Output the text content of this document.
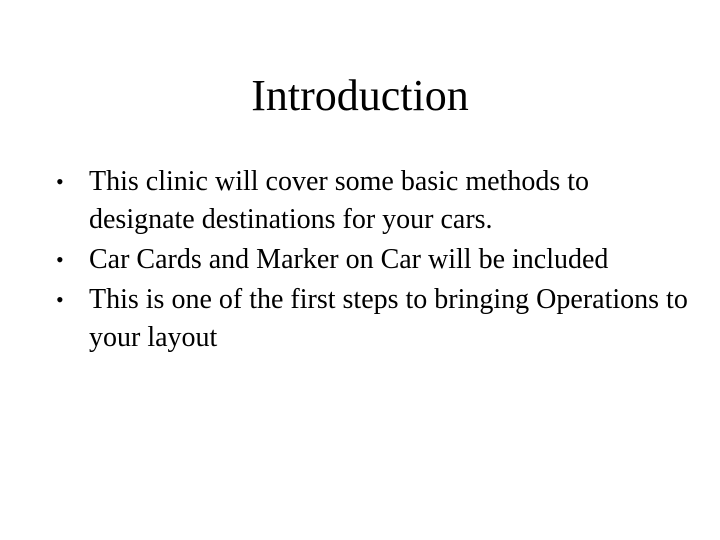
Introduction
• This clinic will cover some basic methods to designate destinations for your cars.
• Car Cards and Marker on Car will be included
• This is one of the first steps to bringing Operations to your layout
